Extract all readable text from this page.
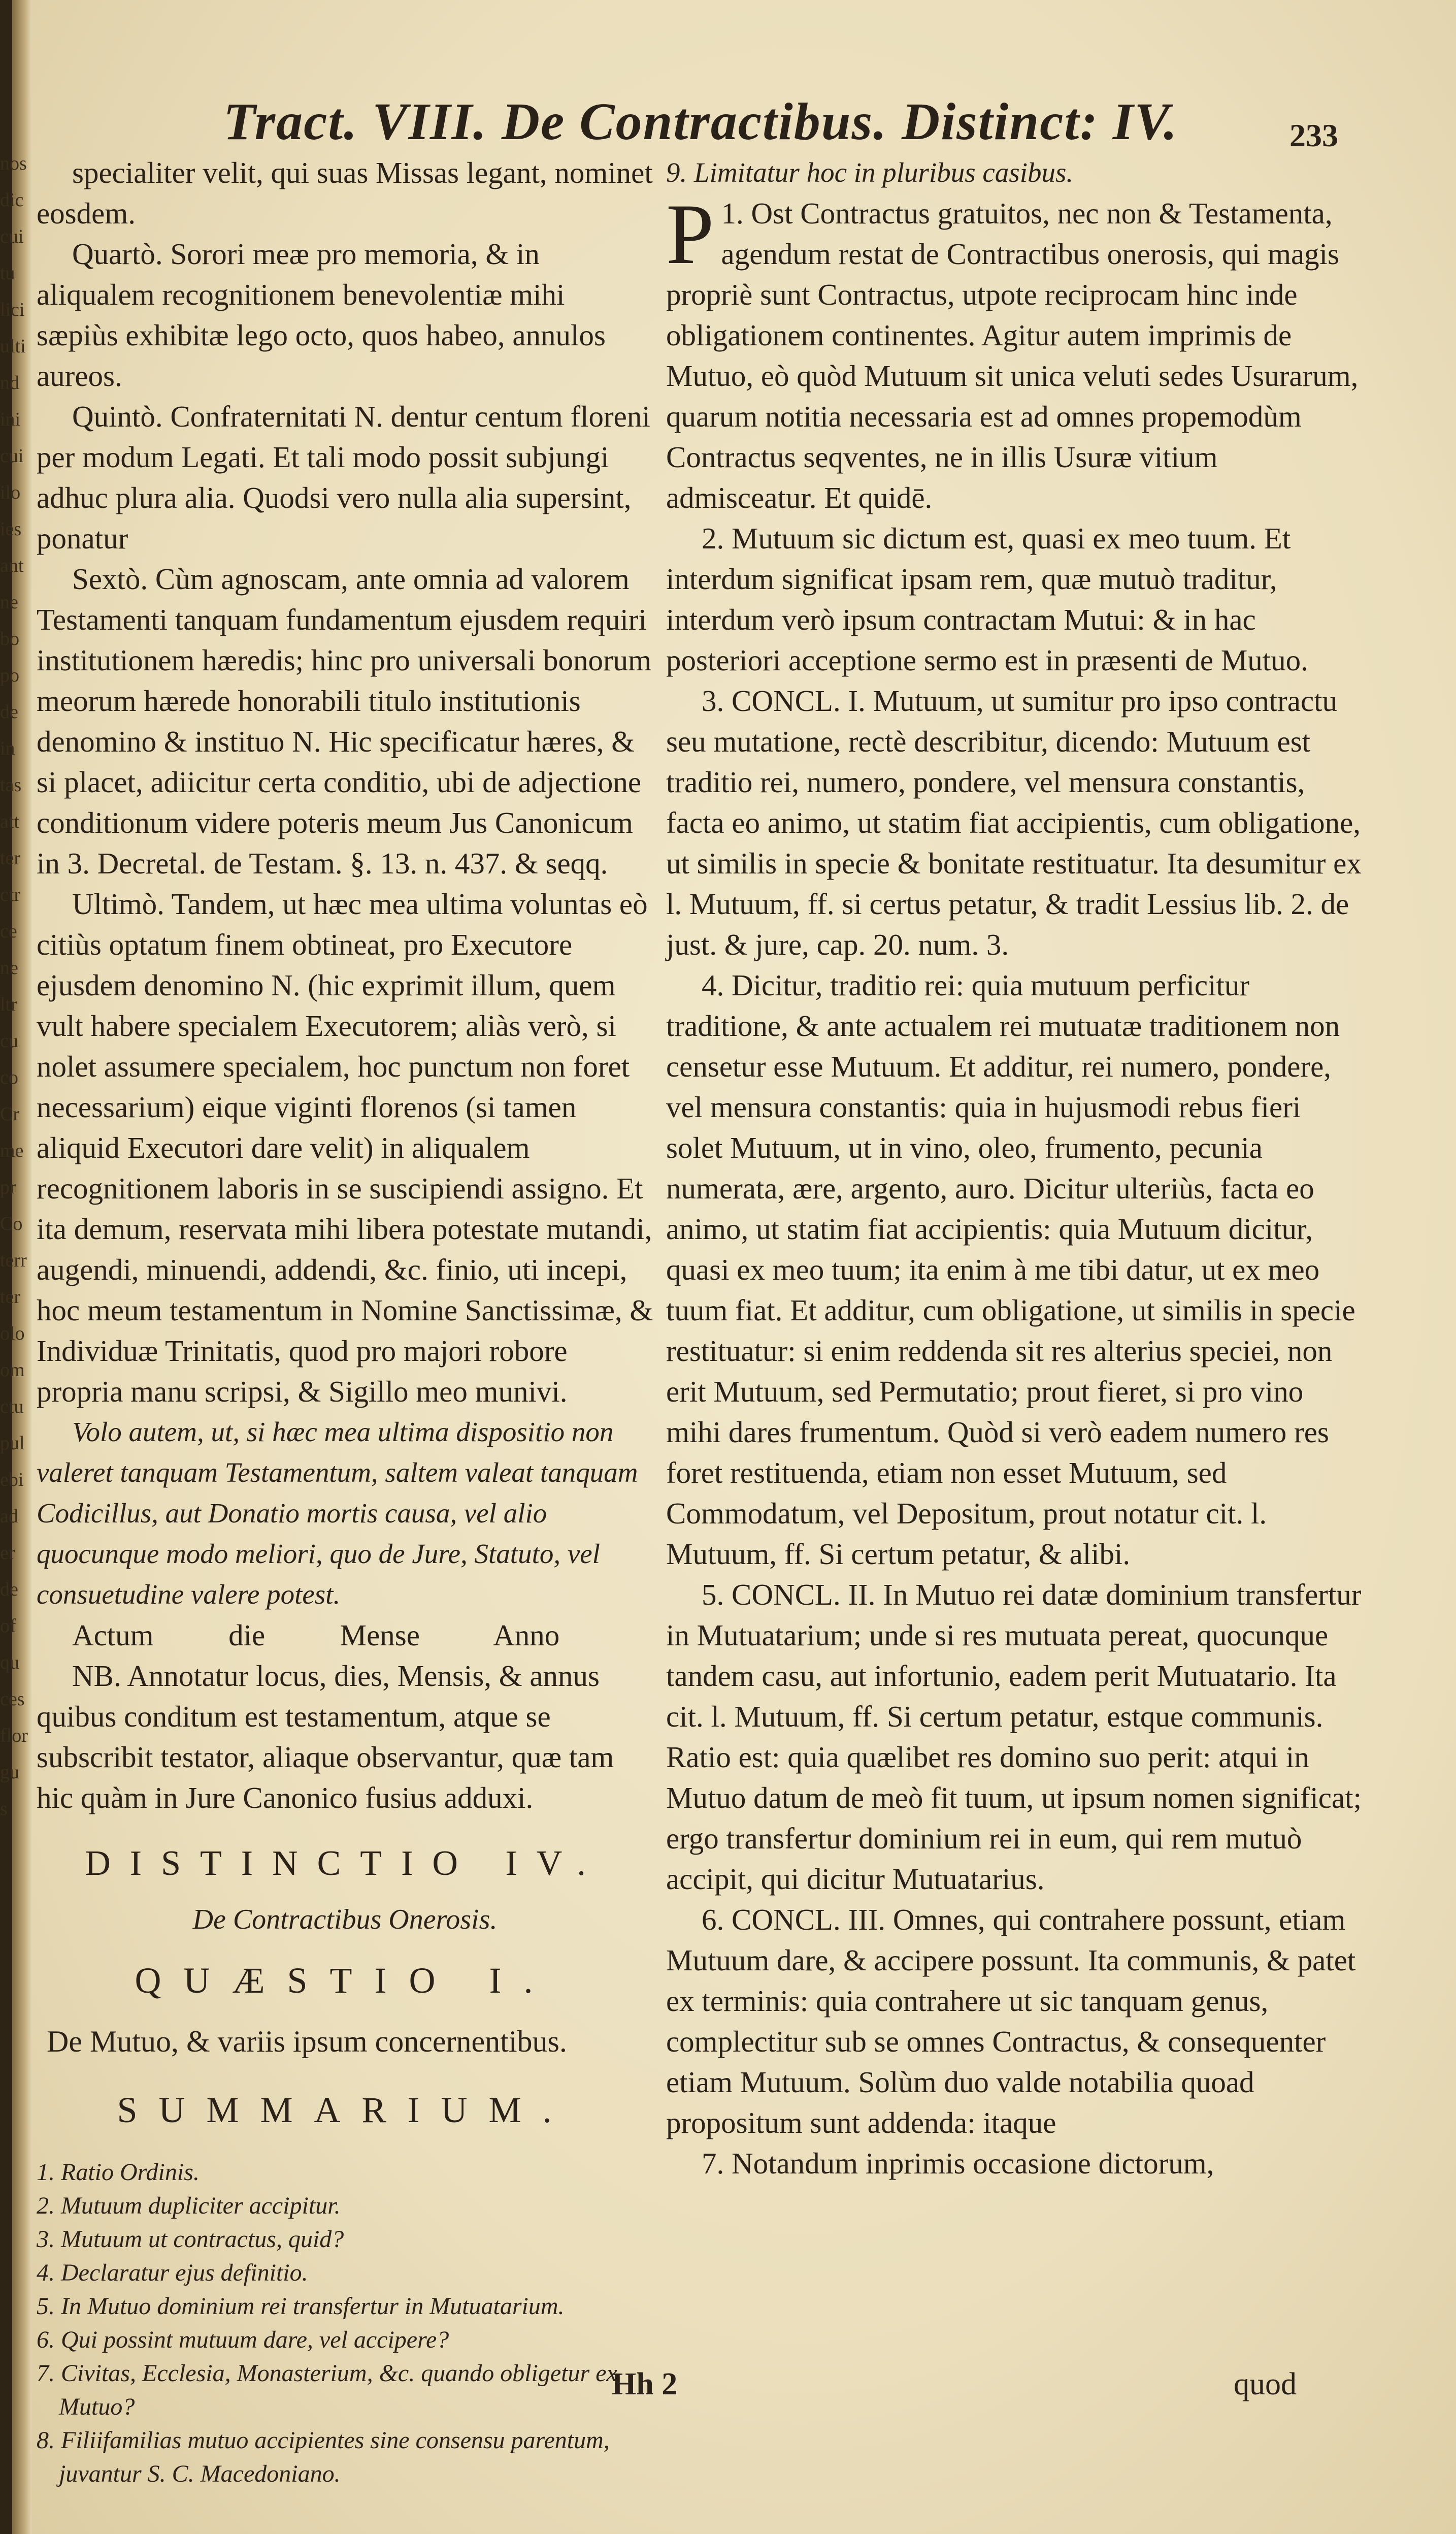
nos
dic
cui
tu
lici
ulti
nd
ini
cui
ilo
ies
ant
ne
bo
po
de
in
tas
att
ter
ctr
ce
ne
ltr
cu
co
Cr
me
pr
Co
terr
ter
olo
om
ctu
pul
ebi
ad
er
de
of
qu
ces
flor
gu
s
Tract. VIII. De Contractibus. Distinct: IV.	233

specialiter velit, qui suas Missas legant, nominet eosdem.

Quartò. Sorori meæ pro memoria, & in aliqualem recognitionem benevolentiæ mihi sæpiùs exhibitæ lego octo, quos habeo, annulos aureos.

Quintò. Confraternitati N. dentur centum floreni per modum Legati. Et tali modo possit subjungi adhuc plura alia. Quodsi vero nulla alia supersint, ponatur

Sextò. Cùm agnoscam, ante omnia ad valorem Testamenti tanquam fundamentum ejusdem requiri institutionem hæredis; hinc pro universali bonorum meorum hærede honorabili titulo institutionis denomino & instituo N. Hic specificatur hæres, & si placet, adiicitur certa conditio, ubi de adjectione conditionum videre poteris meum Jus Canonicum in 3. Decretal. de Testam. §. 13. n. 437. & seqq.

Ultimò. Tandem, ut hæc mea ultima voluntas eò citiùs optatum finem obtineat, pro Executore ejusdem denomino N. (hic exprimit illum, quem vult habere specialem Executorem; aliàs verò, si nolet assumere specialem, hoc punctum non foret necessarium) eique viginti florenos (si tamen aliquid Executori dare velit) in aliqualem recognitionem laboris in se suscipiendi assigno. Et ita demum, reservata mihi libera potestate mutandi, augendi, minuendi, addendi, &c. finio, uti incepi, hoc meum testamentum in Nomine Sanctissimæ, & Individuæ Trinitatis, quod pro majori robore propria manu scripsi, & Sigillo meo munivi.

Volo autem, ut, si hæc mea ultima dispositio non valeret tanquam Testamentum, saltem valeat tanquam Codicillus, aut Donatio mortis causa, vel alio quocunque modo meliori, quo de Jure, Statuto, vel consuetudine valere potest.

Actum          die          Mense          Anno

NB. Annotatur locus, dies, Mensis, & annus quibus conditum est testamentum, atque se subscribit testator, aliaque observantur, quæ tam hic quàm in Jure Canonico fusius adduxi.

DISTINCTIO IV.
De Contractibus Onerosis.
QUÆSTIO I.
De Mutuo, & variis ipsum concernentibus.
SUMMARIUM.
1. Ratio Ordinis.
2. Mutuum dupliciter accipitur.
3. Mutuum ut contractus, quid?
4. Declaratur ejus definitio.
5. In Mutuo dominium rei transfertur in Mutuatarium.
6. Qui possint mutuum dare, vel accipere?
7. Civitas, Ecclesia, Monasterium, &c. quando obligetur ex Mutuo?
8. Filiifamilias mutuo accipientes sine consensu parentum, juvantur S. C. Macedoniano.

9. Limitatur hoc in pluribus casibus.

1.
P Ost Contractus gratuitos, nec non & Testamenta, agendum restat de Contractibus onerosis, qui magis propriè sunt Contractus, utpote reciprocam hinc inde obligationem continentes. Agitur autem imprimis de Mutuo, eò quòd Mutuum sit unica veluti sedes Usurarum, quarum notitia necessaria est ad omnes propemodùm Contractus seqventes, ne in illis Usuræ vitium admisceatur. Et quidē.

2. Mutuum sic dictum est, quasi ex meo tuum. Et interdum significat ipsam rem, quæ mutuò traditur, interdum verò ipsum contractam Mutui: & in hac posteriori acceptione sermo est in præsenti de Mutuo.

3. CONCL. I. Mutuum, ut sumitur pro ipso contractu seu mutatione, rectè describitur, dicendo: Mutuum est traditio rei, numero, pondere, vel mensura constantis, facta eo animo, ut statim fiat accipientis, cum obligatione, ut similis in specie & bonitate restituatur. Ita desumitur ex l. Mutuum, ff. si certus petatur, & tradit Lessius lib. 2. de just. & jure, cap. 20. num. 3.

4. Dicitur, traditio rei: quia mutuum perficitur traditione, & ante actualem rei mutuatæ traditionem non censetur esse Mutuum. Et additur, rei numero, pondere, vel mensura constantis: quia in hujusmodi rebus fieri solet Mutuum, ut in vino, oleo, frumento, pecunia numerata, ære, argento, auro. Dicitur ulteriùs, facta eo animo, ut statim fiat accipientis: quia Mutuum dicitur, quasi ex meo tuum; ita enim à me tibi datur, ut ex meo tuum fiat. Et additur, cum obligatione, ut similis in specie restituatur: si enim reddenda sit res alterius speciei, non erit Mutuum, sed Permutatio; prout fieret, si pro vino mihi dares frumentum. Quòd si verò eadem numero res foret restituenda, etiam non esset Mutuum, sed Commodatum, vel Depositum, prout notatur cit. l. Mutuum, ff. Si certum petatur, & alibi.

5. CONCL. II. In Mutuo rei datæ dominium transfertur in Mutuatarium; unde si res mutuata pereat, quocunque tandem casu, aut infortunio, eadem perit Mutuatario. Ita cit. l. Mutuum, ff. Si certum petatur, estque communis. Ratio est: quia quælibet res domino suo perit: atqui in Mutuo datum de meò fit tuum, ut ipsum nomen significat; ergo transfertur dominium rei in eum, qui rem mutuò accipit, qui dicitur Mutuatarius.

6. CONCL. III. Omnes, qui contrahere possunt, etiam Mutuum dare, & accipere possunt. Ita communis, & patet ex terminis: quia contrahere ut sic tanquam genus, complectitur sub se omnes Contractus, & consequenter etiam Mutuum. Solùm duo valde notabilia quoad propositum sunt addenda: itaque

7. Notandum inprimis occasione dictorum,

Hh 2	quod
